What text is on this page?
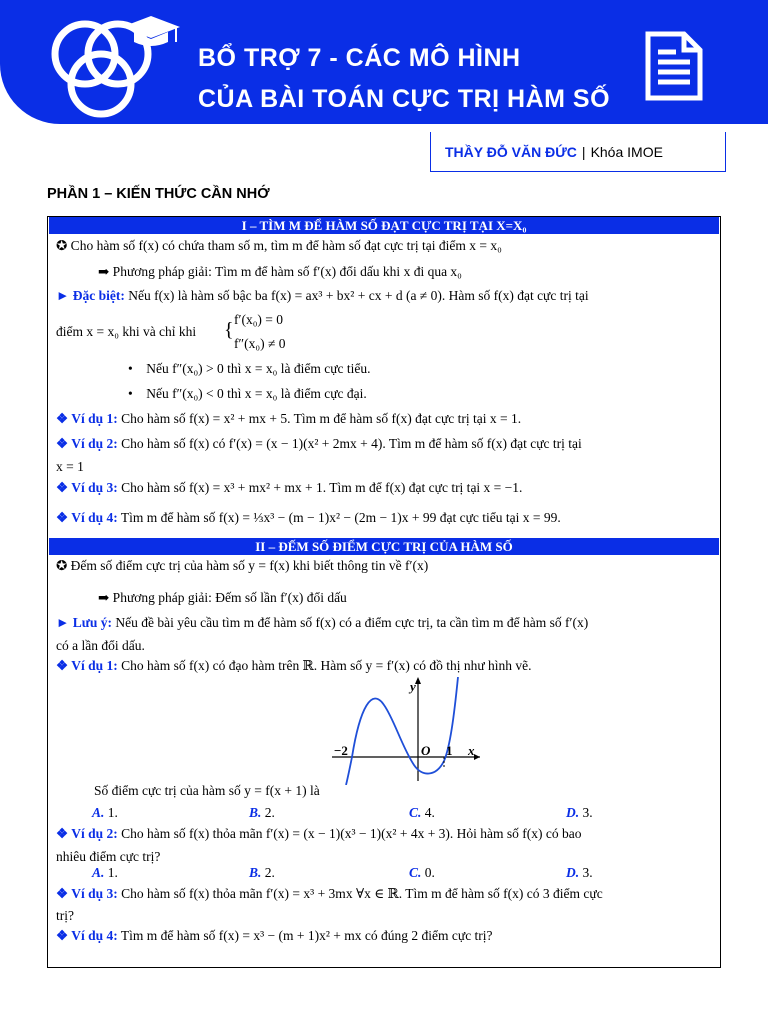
BỔ TRỢ 7 - CÁC MÔ HÌNH
CỦA BÀI TOÁN CỰC TRỊ HÀM SỐ
THẦY ĐỖ VĂN ĐỨC | Khóa IMOE
PHẦN 1 – KIẾN THỨC CẦN NHỚ
I – TÌM M ĐỂ HÀM SỐ ĐẠT CỰC TRỊ TẠI X=X₀
✪ Cho hàm số f(x) có chứa tham số m, tìm m để hàm số đạt cực trị tại điểm x = x₀
➡ Phương pháp giải: Tìm m để hàm số f′(x) đổi dấu khi x đi qua x₀
► Đặc biệt: Nếu f(x) là hàm số bậc ba f(x) = ax³ + bx² + cx + d (a ≠ 0). Hàm số f(x) đạt cực trị tại
điểm x = x₀ khi và chỉ khi { f′(x₀) = 0
f″(x₀) ≠ 0
•    Nếu f″(x₀) > 0 thì x = x₀ là điểm cực tiểu.
•    Nếu f″(x₀) < 0 thì x = x₀ là điểm cực đại.
❖ Ví dụ 1: Cho hàm số f(x) = x² + mx + 5. Tìm m để hàm số f(x) đạt cực trị tại x = 1.
❖ Ví dụ 2: Cho hàm số f(x) có f′(x) = (x − 1)(x² + 2mx + 4). Tìm m để hàm số f(x) đạt cực trị tại
x = 1
❖ Ví dụ 3: Cho hàm số f(x) = x³ + mx² + mx + 1. Tìm m để f(x) đạt cực trị tại x = −1.
❖ Ví dụ 4: Tìm m để hàm số f(x) = ⅓x³ − (m − 1)x² − (2m − 1)x + 99 đạt cực tiểu tại x = 99.
II – ĐẾM SỐ ĐIỂM CỰC TRỊ CỦA HÀM SỐ
✪ Đếm số điểm cực trị của hàm số y = f(x) khi biết thông tin về f′(x)
➡ Phương pháp giải: Đếm số lần f′(x) đổi dấu
► Lưu ý: Nếu đề bài yêu cầu tìm m để hàm số f(x) có a điểm cực trị, ta cần tìm m để hàm số f′(x)
có a lần đổi dấu.
❖ Ví dụ 1: Cho hàm số f(x) có đạo hàm trên ℝ. Hàm số y = f′(x) có đồ thị như hình vẽ.
y
x
O
−2	1
Số điểm cực trị của hàm số y = f(x + 1) là
A. 1.	B. 2.	C. 4.	D. 3.
❖ Ví dụ 2: Cho hàm số f(x) thỏa mãn f′(x) = (x − 1)(x³ − 1)(x² + 4x + 3). Hỏi hàm số f(x) có bao
nhiêu điểm cực trị?
A. 1.	B. 2.	C. 0.	D. 3.
❖ Ví dụ 3: Cho hàm số f(x) thỏa mãn f′(x) = x³ + 3mx ∀x ∈ ℝ. Tìm m để hàm số f(x) có 3 điểm cực
trị?
❖ Ví dụ 4: Tìm m để hàm số f(x) = x³ − (m + 1)x² + mx có đúng 2 điểm cực trị?
